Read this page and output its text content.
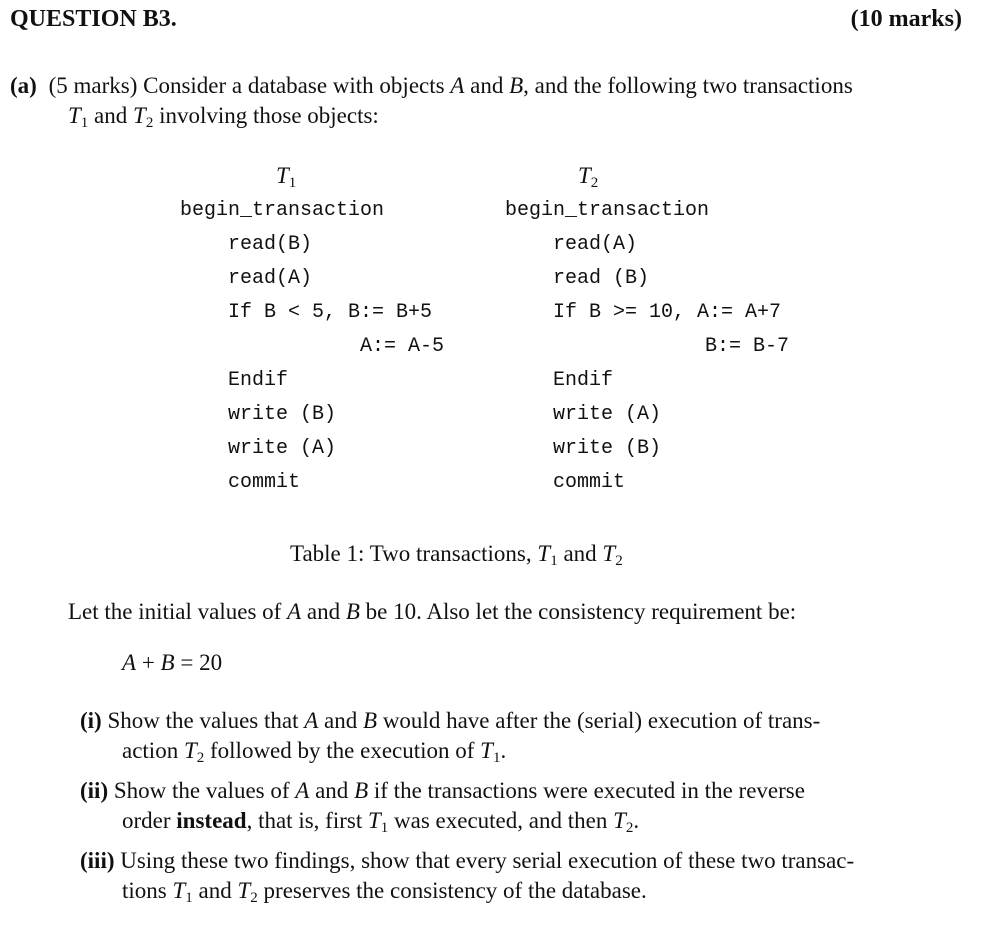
QUESTION B3.	(10 marks)
(a) (5 marks) Consider a database with objects A and B, and the following two transactions
$T_1$ and $T_2$ involving those objects:
$T_1$
begin_transaction
read(B)
read(A)
If B < 5, B:= B+5
A:= A-5
Endif
write (B)
write (A)
commit
$T_2$
begin_transaction
read(A)
read (B)
If B >= 10, A:= A+7
B:= B-7
Endif
write (A)
write (B)
commit
Table 1: Two transactions, $T_1$ and $T_2$
Let the initial values of A and B be 10. Also let the consistency requirement be:
A + B = 20
(i) Show the values that A and B would have after the (serial) execution of trans-
action $T_2$ followed by the execution of $T_1$.
(ii) Show the values of A and B if the transactions were executed in the reverse
order instead, that is, first $T_1$ was executed, and then $T_2$.
(iii) Using these two findings, show that every serial execution of these two transac-
tions $T_1$ and $T_2$ preserves the consistency of the database.
